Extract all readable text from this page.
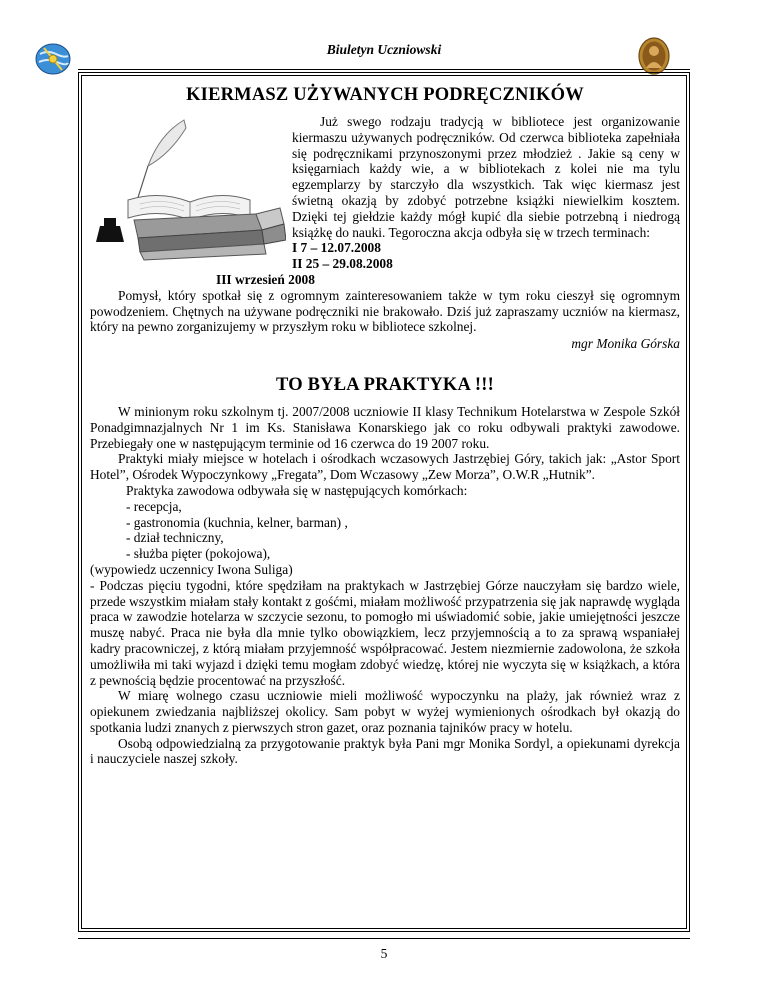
Biuletyn Uczniowski
KIERMASZ UŻYWANYCH PODRĘCZNIKÓW

Już swego rodzaju tradycją w bibliotece jest organizowanie kiermaszu używanych podręczników. Od czerwca biblioteka zapełniała się podręcznikami przynoszonymi przez młodzież . Jakie są ceny w księgarniach każdy wie, a w bibliotekach z kolei nie ma tylu egzemplarzy by starczyło dla wszystkich. Tak więc kiermasz jest świetną okazją by zdobyć potrzebne książki niewielkim kosztem. Dzięki tej giełdzie każdy mógł kupić dla siebie potrzebną i niedrogą książkę do nauki. Tegoroczna akcja odbyła się w trzech terminach:

I 7 – 12.07.2008

II 25 – 29.08.2008

III wrzesień 2008

Pomysł, który spotkał się z ogromnym zainteresowaniem także w tym roku cieszył się ogromnym powodzeniem. Chętnych na używane podręczniki nie brakowało. Dziś już zapraszamy uczniów na kiermasz, który na pewno zorganizujemy w przyszłym roku w bibliotece szkolnej.

mgr Monika Górska

TO BYŁA PRAKTYKA !!!

W minionym roku szkolnym tj. 2007/2008 uczniowie II klasy Technikum Hotelarstwa w Zespole Szkół Ponadgimnazjalnych Nr 1 im Ks. Stanisława Konarskiego jak co roku odbywali praktyki zawodowe. Przebiegały one w następującym terminie od 16 czerwca do 19 2007 roku.

Praktyki miały miejsce w hotelach i ośrodkach wczasowych Jastrzębiej Góry, takich jak: „Astor Sport Hotel”, Ośrodek Wypoczynkowy „Fregata”, Dom Wczasowy „Zew Morza”, O.W.R „Hutnik”.

Praktyka zawodowa odbywała się w następujących komórkach:

- recepcja,

- gastronomia (kuchnia, kelner, barman) ,

- dział techniczny,

- służba pięter (pokojowa),

(wypowiedz uczennicy Iwona Suliga)

- Podczas pięciu tygodni, które spędziłam na praktykach w Jastrzębiej Górze nauczyłam się bardzo wiele, przede wszystkim miałam stały kontakt z gośćmi, miałam możliwość przypatrzenia się jak naprawdę wygląda praca w zawodzie hotelarza w szczycie sezonu, to pomogło mi uświadomić sobie, jakie umiejętności jeszcze muszę nabyć. Praca nie była dla mnie tylko obowiązkiem, lecz przyjemnością a to za sprawą wspaniałej kadry pracowniczej, z którą miałam przyjemność współpracować. Jestem niezmiernie zadowolona, że szkoła umożliwiła mi taki wyjazd i dzięki temu mogłam zdobyć wiedzę, której nie wyczyta się w książkach, a która z pewnością będzie procentować na przyszłość.

W miarę wolnego czasu uczniowie mieli możliwość wypoczynku na plaży, jak również wraz z opiekunem zwiedzania najbliższej okolicy. Sam pobyt w wyżej wymienionych ośrodkach był okazją do spotkania ludzi znanych z pierwszych stron gazet, oraz poznania tajników pracy w hotelu.

Osobą odpowiedzialną za przygotowanie praktyk była Pani mgr Monika Sordyl, a opiekunami dyrekcja i nauczyciele naszej szkoły.

5
